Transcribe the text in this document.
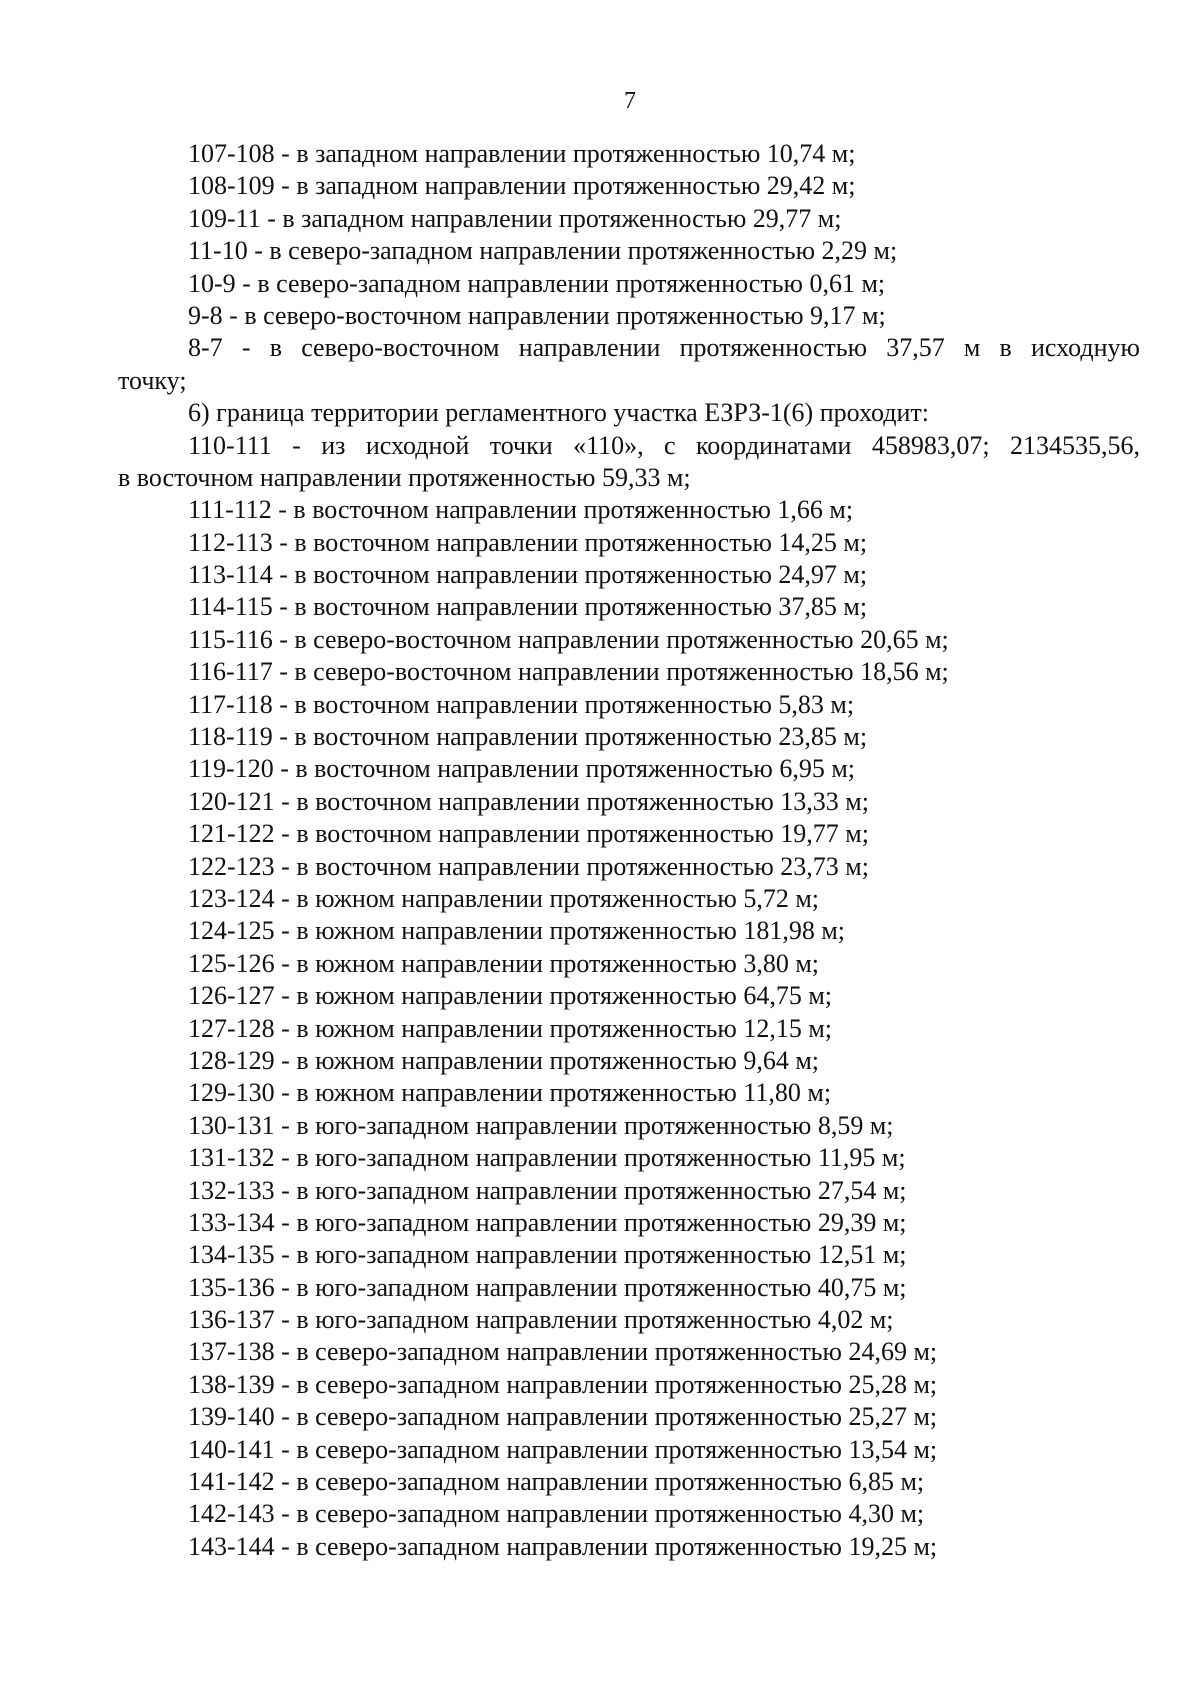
7
107-108 - в западном направлении протяженностью 10,74 м;
108-109 - в западном направлении протяженностью 29,42 м;
109-11 - в западном направлении протяженностью 29,77 м;
11-10 - в северо-западном направлении протяженностью 2,29 м;
10-9 - в северо-западном направлении протяженностью 0,61 м;
9-8 - в северо-восточном направлении протяженностью 9,17 м;
8-7 - в северо-восточном направлении протяженностью 37,57 м в исходную
точку;
6) граница территории регламентного участка ЕЗРЗ-1(6) проходит:
110-111 - из исходной точки «110», с координатами 458983,07; 2134535,56,
в восточном направлении протяженностью 59,33 м;
111-112 - в восточном направлении протяженностью 1,66 м;
112-113 - в восточном направлении протяженностью 14,25 м;
113-114 - в восточном направлении протяженностью 24,97 м;
114-115 - в восточном направлении протяженностью 37,85 м;
115-116 - в северо-восточном направлении протяженностью 20,65 м;
116-117 - в северо-восточном направлении протяженностью 18,56 м;
117-118 - в восточном направлении протяженностью 5,83 м;
118-119 - в восточном направлении протяженностью 23,85 м;
119-120 - в восточном направлении протяженностью 6,95 м;
120-121 - в восточном направлении протяженностью 13,33 м;
121-122 - в восточном направлении протяженностью 19,77 м;
122-123 - в восточном направлении протяженностью 23,73 м;
123-124 - в южном направлении протяженностью 5,72 м;
124-125 - в южном направлении протяженностью 181,98 м;
125-126 - в южном направлении протяженностью 3,80 м;
126-127 - в южном направлении протяженностью 64,75 м;
127-128 - в южном направлении протяженностью 12,15 м;
128-129 - в южном направлении протяженностью 9,64 м;
129-130 - в южном направлении протяженностью 11,80 м;
130-131 - в юго-западном направлении протяженностью 8,59 м;
131-132 - в юго-западном направлении протяженностью 11,95 м;
132-133 - в юго-западном направлении протяженностью 27,54 м;
133-134 - в юго-западном направлении протяженностью 29,39 м;
134-135 - в юго-западном направлении протяженностью 12,51 м;
135-136 - в юго-западном направлении протяженностью 40,75 м;
136-137 - в юго-западном направлении протяженностью 4,02 м;
137-138 - в северо-западном направлении протяженностью 24,69 м;
138-139 - в северо-западном направлении протяженностью 25,28 м;
139-140 - в северо-западном направлении протяженностью 25,27 м;
140-141 - в северо-западном направлении протяженностью 13,54 м;
141-142 - в северо-западном направлении протяженностью 6,85 м;
142-143 - в северо-западном направлении протяженностью 4,30 м;
143-144 - в северо-западном направлении протяженностью 19,25 м;
